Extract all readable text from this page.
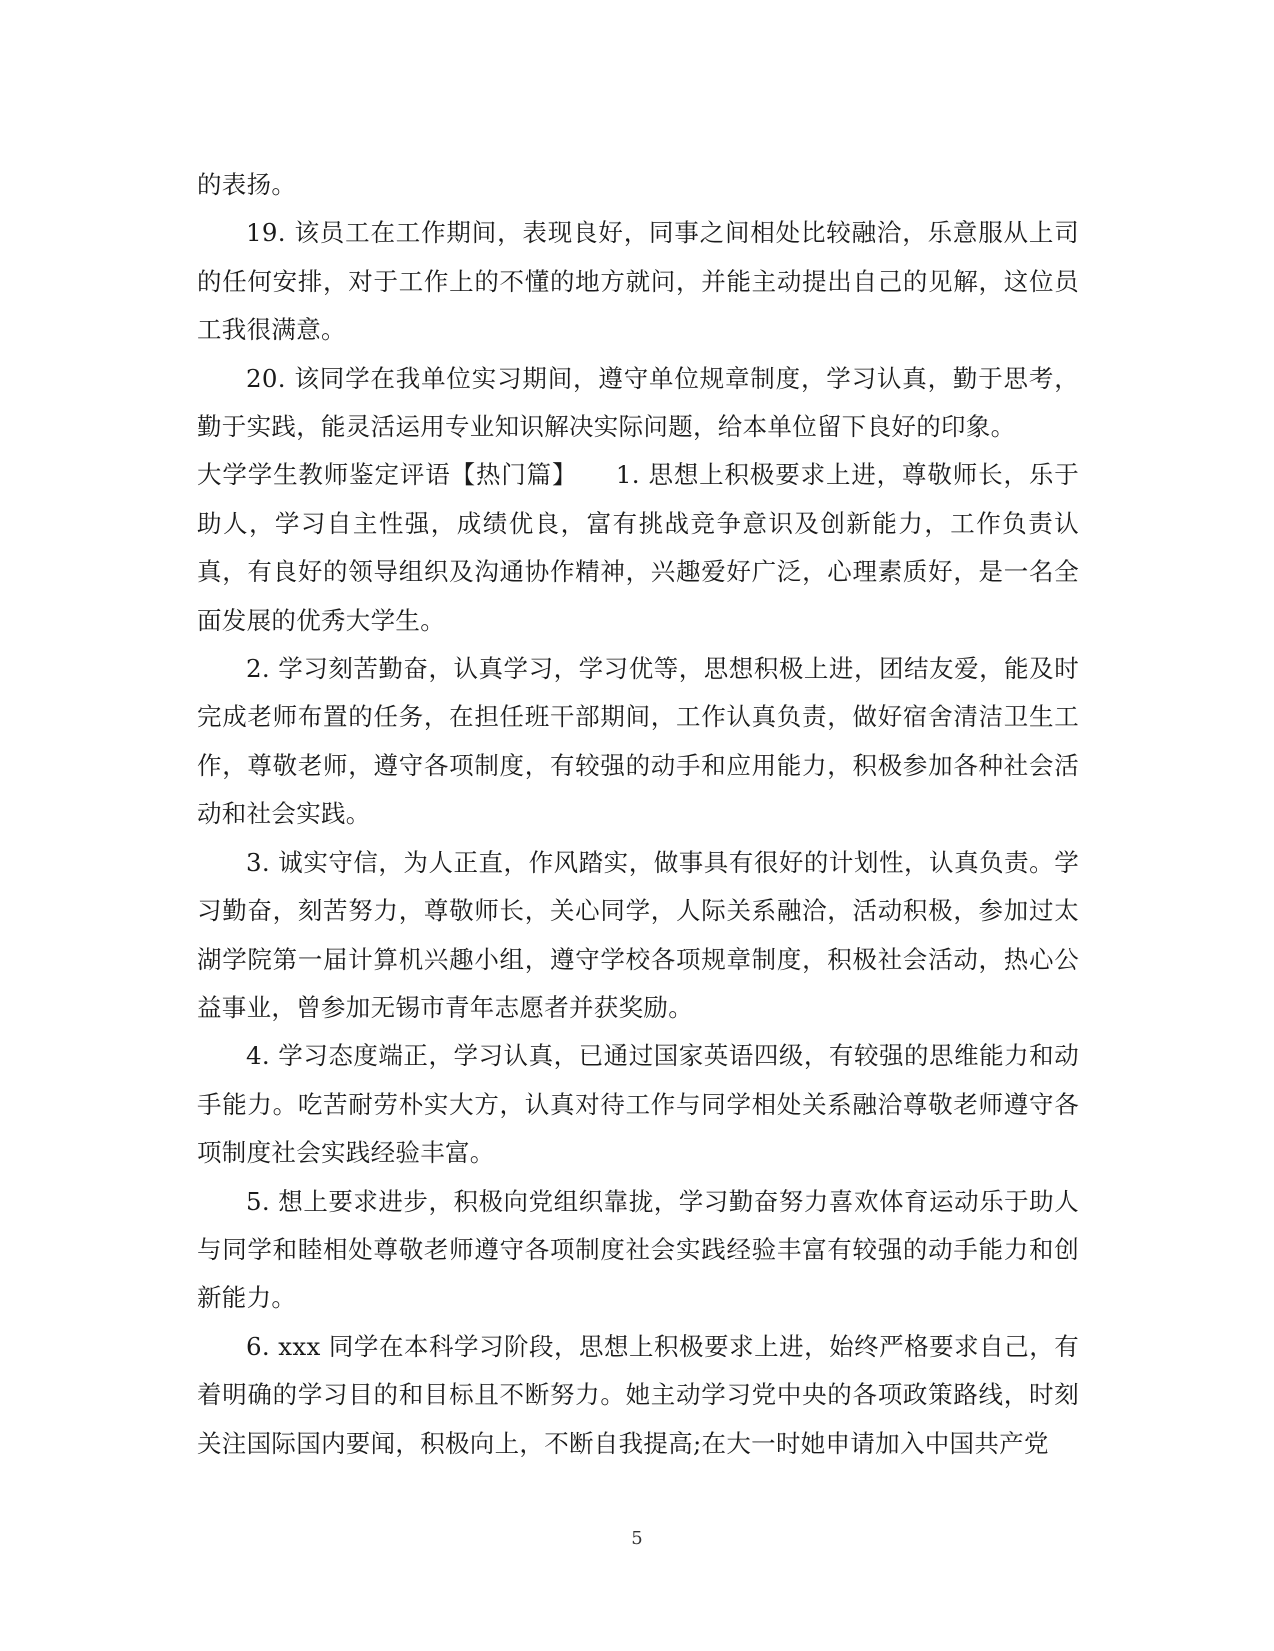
的表扬。

19. 该员工在工作期间，表现良好，同事之间相处比较融洽，乐意服从上司的任何安排，对于工作上的不懂的地方就问，并能主动提出自己的见解，这位员工我很满意。

20. 该同学在我单位实习期间，遵守单位规章制度，学习认真，勤于思考，勤于实践，能灵活运用专业知识解决实际问题，给本单位留下良好的印象。

大学学生教师鉴定评语【热门篇】　　1. 思想上积极要求上进，尊敬师长，乐于助人，学习自主性强，成绩优良，富有挑战竞争意识及创新能力，工作负责认真，有良好的领导组织及沟通协作精神，兴趣爱好广泛，心理素质好，是一名全面发展的优秀大学生。

2. 学习刻苦勤奋，认真学习，学习优等，思想积极上进，团结友爱，能及时完成老师布置的任务，在担任班干部期间，工作认真负责，做好宿舍清洁卫生工作，尊敬老师，遵守各项制度，有较强的动手和应用能力，积极参加各种社会活动和社会实践。

3. 诚实守信，为人正直，作风踏实，做事具有很好的计划性，认真负责。学习勤奋，刻苦努力，尊敬师长，关心同学，人际关系融洽，活动积极，参加过太湖学院第一届计算机兴趣小组，遵守学校各项规章制度，积极社会活动，热心公益事业，曾参加无锡市青年志愿者并获奖励。

4. 学习态度端正，学习认真，已通过国家英语四级，有较强的思维能力和动手能力。吃苦耐劳朴实大方，认真对待工作与同学相处关系融洽尊敬老师遵守各项制度社会实践经验丰富。

5. 想上要求进步，积极向党组织靠拢，学习勤奋努力喜欢体育运动乐于助人与同学和睦相处尊敬老师遵守各项制度社会实践经验丰富有较强的动手能力和创新能力。

6. xxx 同学在本科学习阶段，思想上积极要求上进，始终严格要求自己，有着明确的学习目的和目标且不断努力。她主动学习党中央的各项政策路线，时刻关注国际国内要闻，积极向上，不断自我提高;在大一时她申请加入中国共产党

5
